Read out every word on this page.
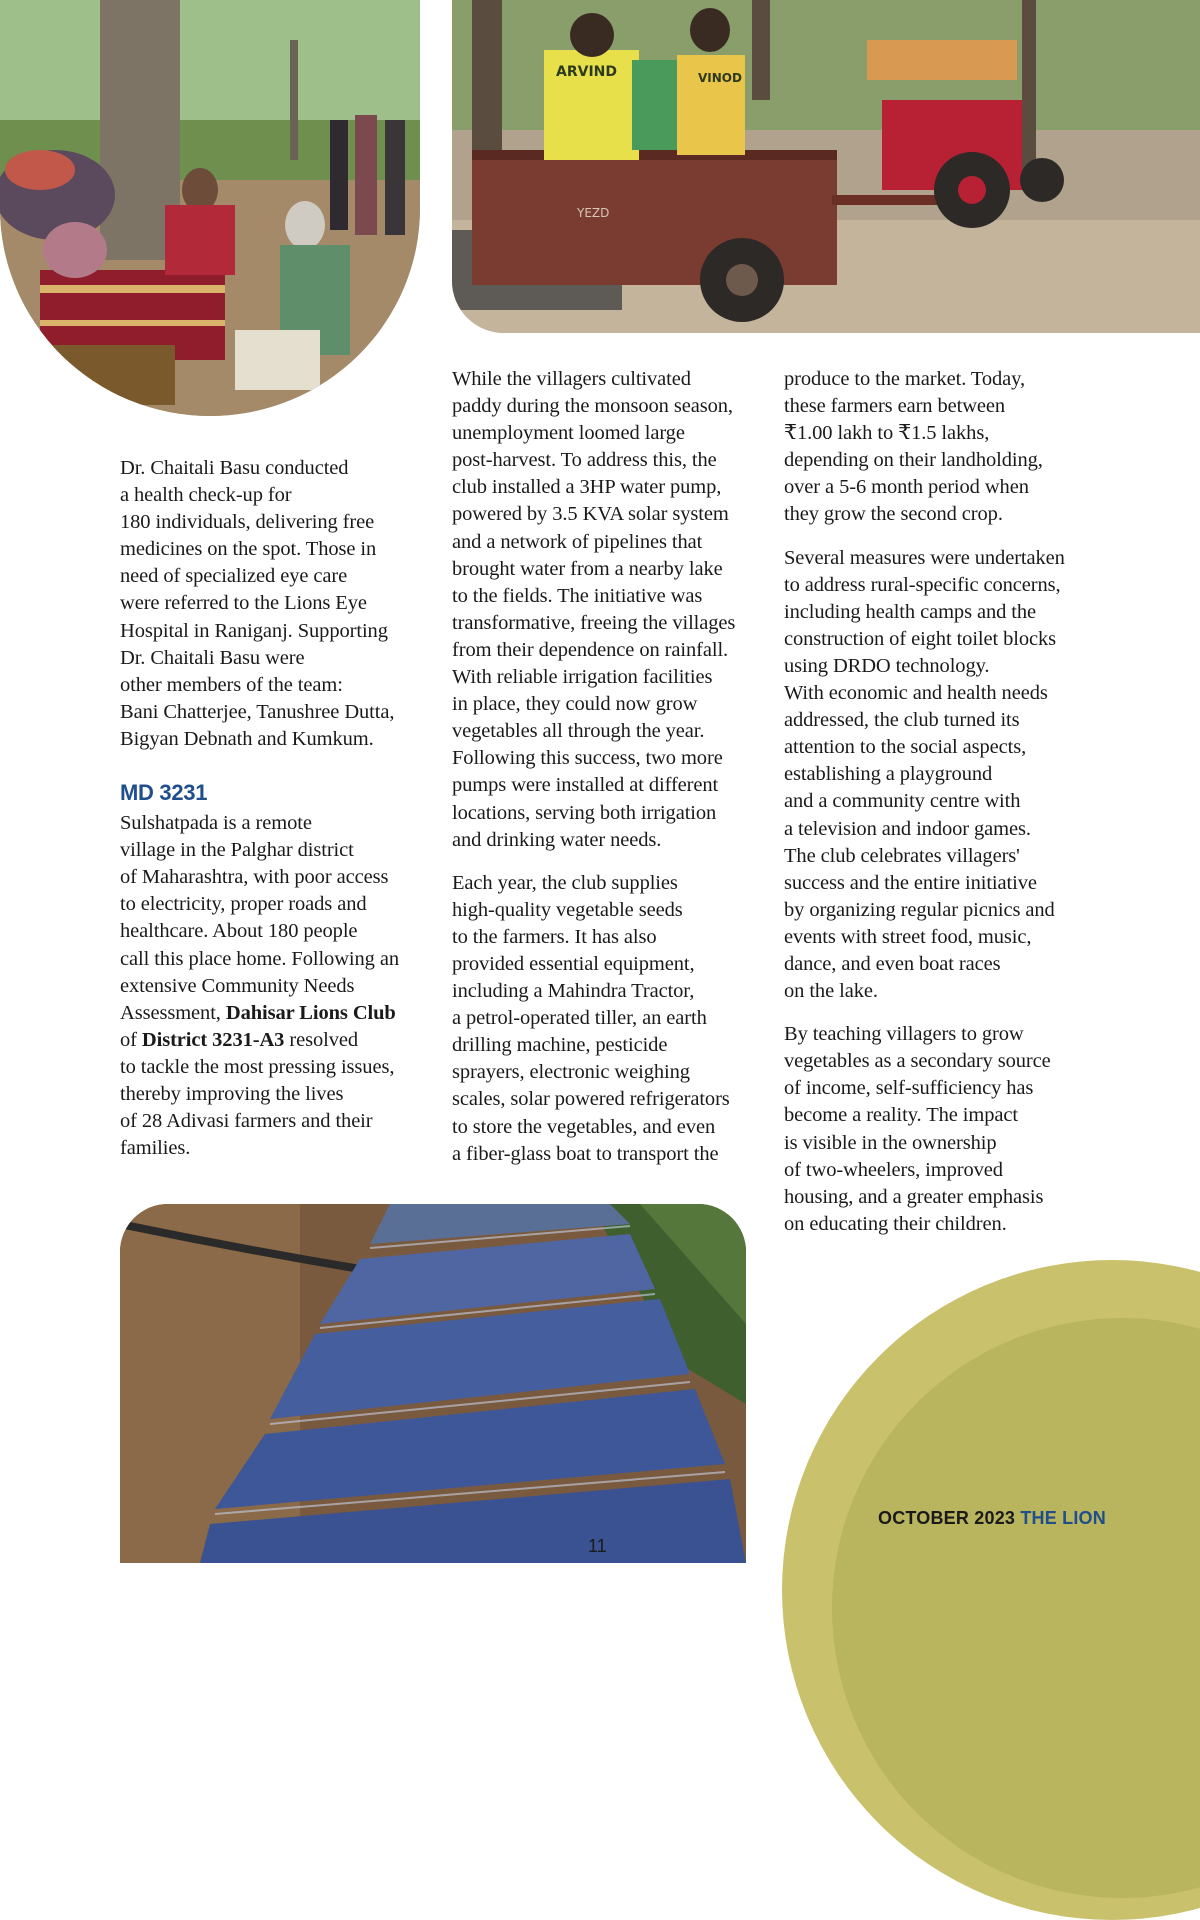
ARVIND	VINOD
YEZD

Dr. Chaitali Basu conducted
a health check-up for
180 individuals, delivering free
medicines on the spot. Those in
need of specialized eye care
were referred to the Lions Eye
Hospital in Raniganj. Supporting
Dr. Chaitali Basu were
other members of the team:
Bani Chatterjee, Tanushree Dutta,
Bigyan Debnath and Kumkum.

MD 3231

Sulshatpada is a remote
village in the Palghar district
of Maharashtra, with poor access
to electricity, proper roads and
healthcare. About 180 people
call this place home. Following an
extensive Community Needs
Assessment, Dahisar Lions Club
of District 3231-A3 resolved
to tackle the most pressing issues,
thereby improving the lives
of 28 Adivasi farmers and their
families.

While the villagers cultivated
paddy during the monsoon season,
unemployment loomed large
post-harvest. To address this, the
club installed a 3HP water pump,
powered by 3.5 KVA solar system
and a network of pipelines that
brought water from a nearby lake
to the fields. The initiative was
transformative, freeing the villages
from their dependence on rainfall.
With reliable irrigation facilities
in place, they could now grow
vegetables all through the year.
Following this success, two more
pumps were installed at different
locations, serving both irrigation
and drinking water needs.

Each year, the club supplies
high-quality vegetable seeds
to the farmers. It has also
provided essential equipment,
including a Mahindra Tractor,
a petrol-operated tiller, an earth
drilling machine, pesticide
sprayers, electronic weighing
scales, solar powered refrigerators
to store the vegetables, and even
a fiber-glass boat to transport the

produce to the market. Today,
these farmers earn between
₹1.00 lakh to ₹1.5 lakhs,
depending on their landholding,
over a 5-6 month period when
they grow the second crop.

Several measures were undertaken
to address rural-specific concerns,
including health camps and the
construction of eight toilet blocks
using DRDO technology.
With economic and health needs
addressed, the club turned its
attention to the social aspects,
establishing a playground
and a community centre with
a television and indoor games.
The club celebrates villagers'
success and the entire initiative
by organizing regular picnics and
events with street food, music,
dance, and even boat races
on the lake.

By teaching villagers to grow
vegetables as a secondary source
of income, self-sufficiency has
become a reality. The impact
is visible in the ownership
of two-wheelers, improved
housing, and a greater emphasis
on educating their children.

11
OCTOBER 2023 THE LION
